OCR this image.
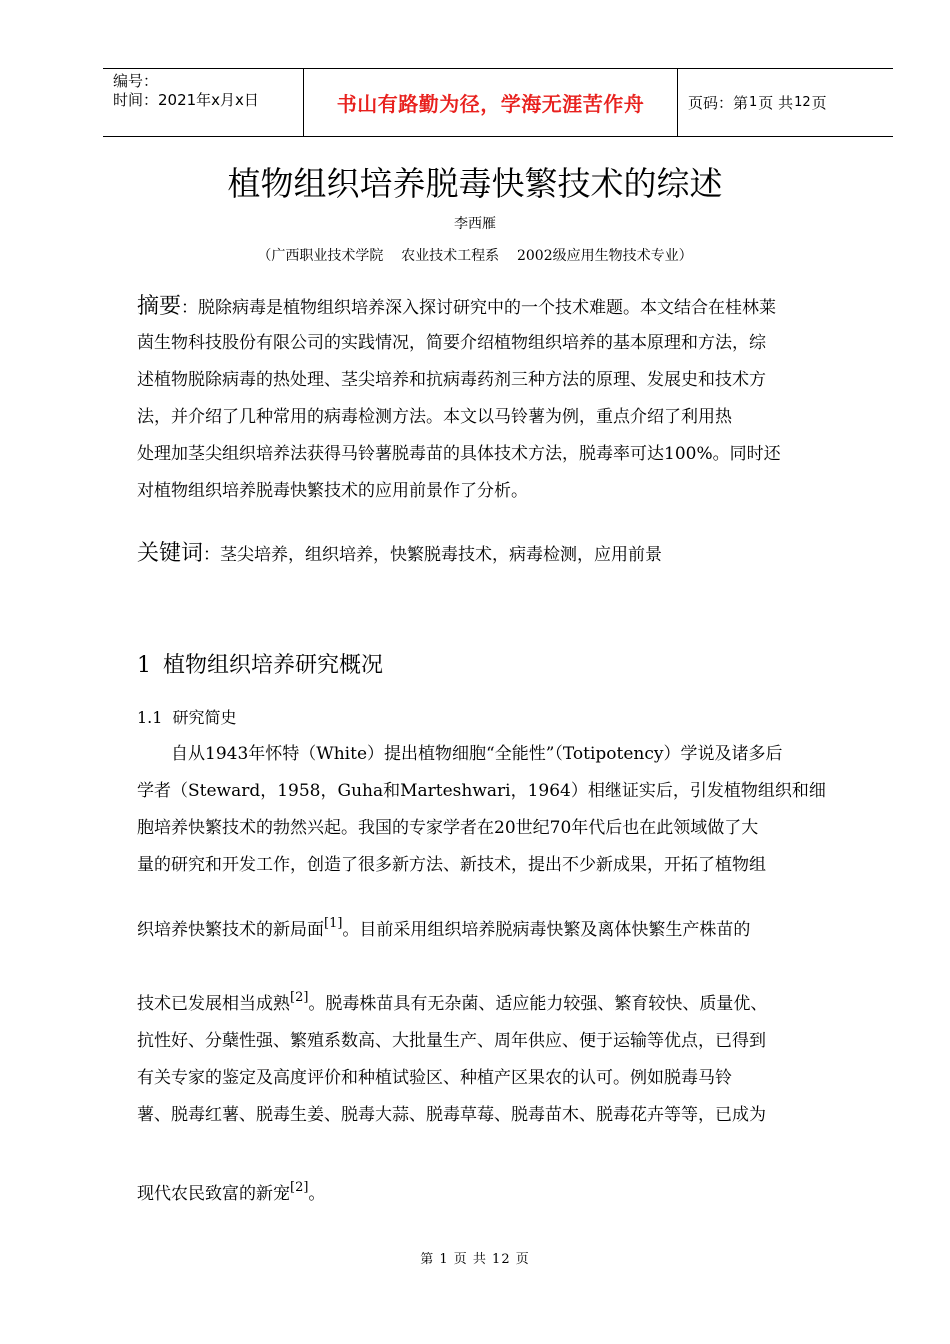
编号：
时间：2021年x月x日	书山有路勤为径，学海无涯苦作舟	页码：第 1 页 共 12 页
植物组织培养脱毒快繁技术的综述
李西雁
（广西职业技术学院    农业技术工程系    2002级应用生物技术专业）
摘要：脱除病毒是植物组织培养深入探讨研究中的一个技术难题。本文结合在桂林莱
茵生物科技股份有限公司的实践情况，简要介绍植物组织培养的基本原理和方法，综
述植物脱除病毒的热处理、茎尖培养和抗病毒药剂三种方法的原理、发展史和技术方
法，并介绍了几种常用的病毒检测方法。本文以马铃薯为例，重点介绍了利用热
处理加茎尖组织培养法获得马铃薯脱毒苗的具体技术方法，脱毒率可达100%。同时还
对植物组织培养脱毒快繁技术的应用前景作了分析。
关键词：茎尖培养，组织培养，快繁脱毒技术，病毒检测，应用前景
1 植物组织培养研究概况
1.1 研究简史
自从1943年怀特（White）提出植物细胞“全能性”（Totipotency）学说及诸多后
学者（Steward，1958，Guha和Marteshwari，1964）相继证实后，引发植物组织和细
胞培养快繁技术的勃然兴起。我国的专家学者在20世纪70年代后也在此领域做了大
量的研究和开发工作，创造了很多新方法、新技术，提出不少新成果，开拓了植物组
织培养快繁技术的新局面[1]。目前采用组织培养脱病毒快繁及离体快繁生产株苗的
技术已发展相当成熟[2]。脱毒株苗具有无杂菌、适应能力较强、繁育较快、质量优、
抗性好、分蘖性强、繁殖系数高、大批量生产、周年供应、便于运输等优点，已得到
有关专家的鉴定及高度评价和种植试验区、种植产区果农的认可。例如脱毒马铃
薯、脱毒红薯、脱毒生姜、脱毒大蒜、脱毒草莓、脱毒苗木、脱毒花卉等等，已成为
现代农民致富的新宠[2]。
第 1 页 共 12 页
